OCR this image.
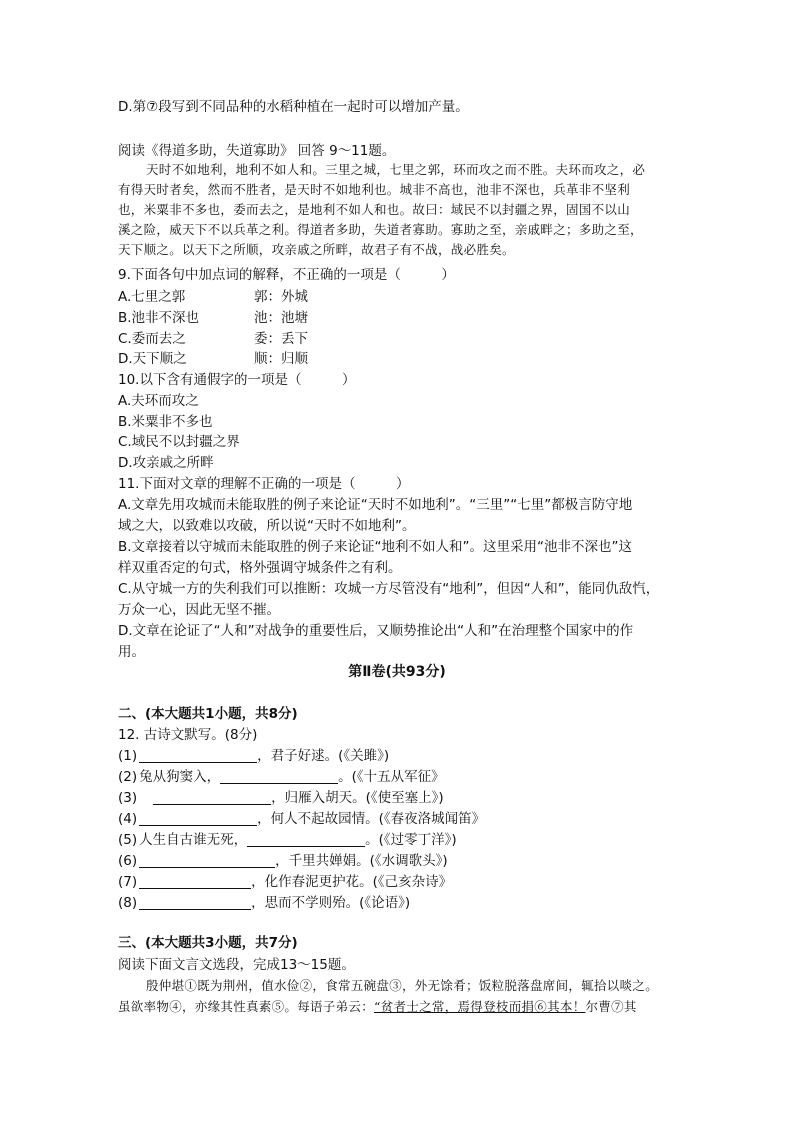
D.第⑦段写到不同品种的水稻种植在一起时可以增加产量。
阅读《得道多助，失道寡助》 回答 9～11题。
天时不如地利，地利不如人和。三里之城，七里之郭，环而攻之而不胜。夫环而攻之，必
有得天时者矣，然而不胜者，是天时不如地利也。城非不高也，池非不深也，兵革非不坚利
也，米粟非不多也，委而去之，是地利不如人和也。故曰：域民不以封疆之界，固国不以山
溪之险，威天下不以兵革之利。得道者多助，失道者寡助。寡助之至，亲戚畔之；多助之至，
天下顺之。以天下之所顺，攻亲戚之所畔，故君子有不战，战必胜矣。
9.下面各句中加点词的解释，不正确的一项是（　　　）
A.七里之郭	郭：外城
B.池非不深也	池：池塘
C.委而去之	委：丢下
D.天下顺之	顺：归顺
10.以下含有通假字的一项是（　　　）
A.夫环而攻之
B.米粟非不多也
C.域民不以封疆之界
D.攻亲戚之所畔
11.下面对文章的理解不正确的一项是（　　　）
A.文章先用攻城而未能取胜的例子来论证“天时不如地利”。“三里”“七里”都极言防守地
域之大，以致难以攻破，所以说“天时不如地利”。
B.文章接着以守城而未能取胜的例子来论证“地利不如人和”。这里采用“池非不深也”这
样双重否定的句式，格外强调守城条件之有利。
C.从守城一方的失利我们可以推断：攻城一方尽管没有“地利”，但因“人和”，能同仇敌忾，
万众一心，因此无坚不摧。
D.文章在论证了“人和”对战争的重要性后，又顺势推论出“人和”在治理整个国家中的作
用。
第Ⅱ卷(共93分)
二、(本大题共1小题，共8分)
12. 古诗文默写。(8分)
(1)	，君子好逑。(《关雎》)
(2) 兔从狗窦入，	。(《十五从军征》
(3)	，归雁入胡天。(《使至塞上》)
(4)	，何人不起故园情。(《春夜洛城闻笛》
(5) 人生自古谁无死，	。(《过零丁洋》)
(6)	，千里共婵娟。(《水调歌头》)
(7)	，化作春泥更护花。(《己亥杂诗》
(8)	，思而不学则殆。(《论语》)
三、(本大题共3小题，共7分)
阅读下面文言文选段，完成13～15题。
殷仲堪①既为荆州，值水俭②，食常五碗盘③，外无馀肴；饭粒脱落盘席间，辄拾以啖之。
虽欲率物④，亦缘其性真素⑤。每语子弟云：“贫者士之常，焉得登枝而捐⑥其本！尔曹⑦其
